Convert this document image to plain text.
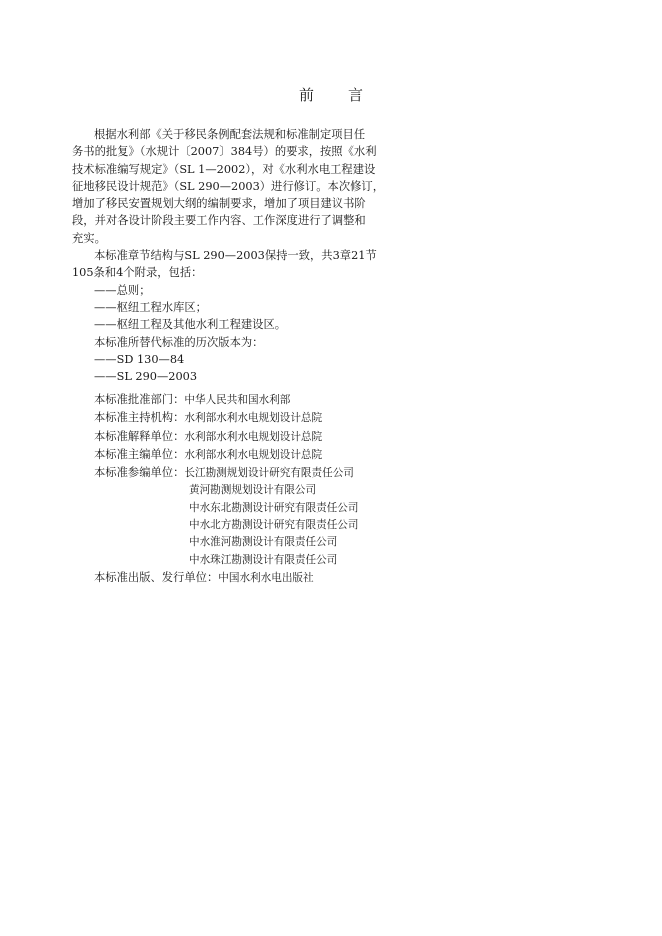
前 言
根据水利部《关于移民条例配套法规和标准制定项目任
务书的批复》（水规计〔2007〕384号）的要求，按照《水利
技术标准编写规定》（SL 1—2002），对《水利水电工程建设
征地移民设计规范》（SL 290—2003）进行修订。本次修订，
增加了移民安置规划大纲的编制要求，增加了项目建议书阶
段，并对各设计阶段主要工作内容、工作深度进行了调整和
充实。
本标准章节结构与SL 290—2003保持一致，共3章21节
105条和4个附录，包括：
——总则；
——枢纽工程水库区；
——枢纽工程及其他水利工程建设区。
本标准所替代标准的历次版本为：
——SD 130—84
——SL 290—2003
本标准批准部门：中华人民共和国水利部
本标准主持机构：水利部水利水电规划设计总院
本标准解释单位：水利部水利水电规划设计总院
本标准主编单位：水利部水利水电规划设计总院
本标准参编单位：长江勘测规划设计研究有限责任公司
黄河勘测规划设计有限公司
中水东北勘测设计研究有限责任公司
中水北方勘测设计研究有限责任公司
中水淮河勘测设计有限责任公司
中水珠江勘测设计有限责任公司
本标准出版、发行单位：中国水利水电出版社
